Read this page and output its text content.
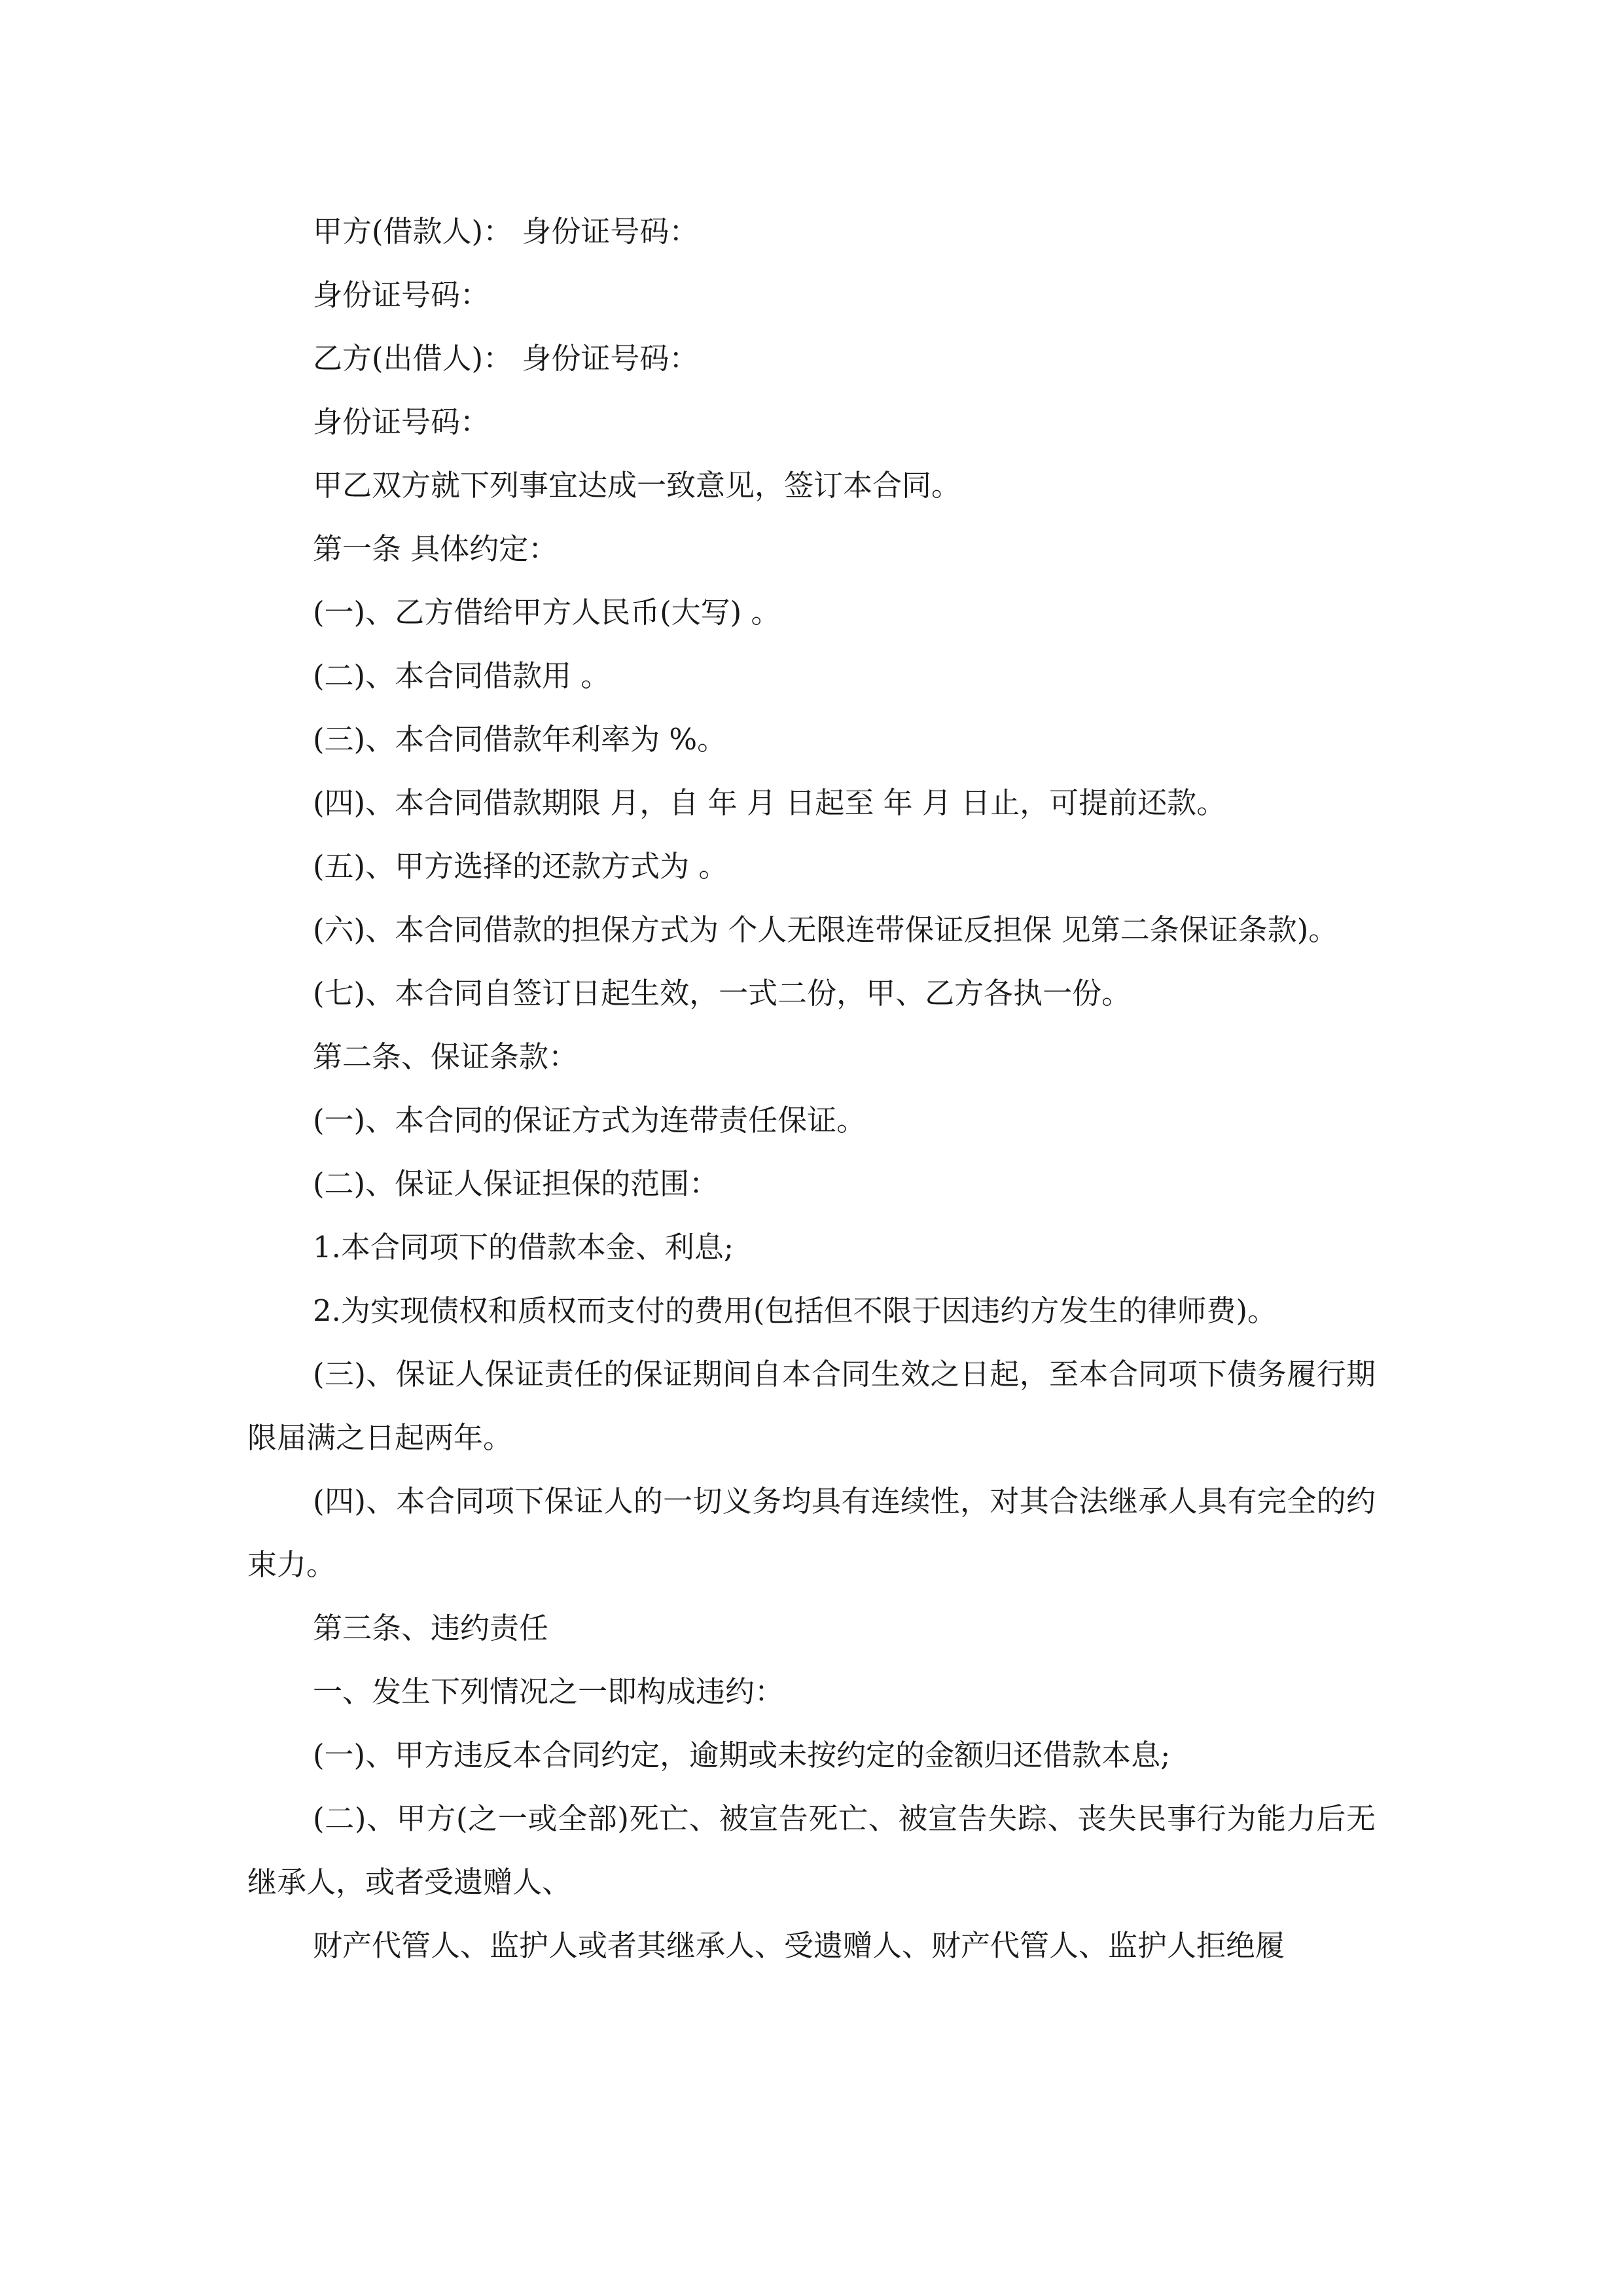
甲方(借款人)： 身份证号码：

身份证号码：

乙方(出借人)： 身份证号码：

身份证号码：

甲乙双方就下列事宜达成一致意见，签订本合同。

第一条 具体约定：

(一)、乙方借给甲方人民币(大写) 。

(二)、本合同借款用 。

(三)、本合同借款年利率为 %。

(四)、本合同借款期限 月，自 年 月 日起至 年 月 日止，可提前还款。

(五)、甲方选择的还款方式为 。

(六)、本合同借款的担保方式为 个人无限连带保证反担保 见第二条保证条款)。

(七)、本合同自签订日起生效，一式二份，甲、乙方各执一份。

第二条、保证条款：

(一)、本合同的保证方式为连带责任保证。

(二)、保证人保证担保的范围：

1.本合同项下的借款本金、利息;

2.为实现债权和质权而支付的费用(包括但不限于因违约方发生的律师费)。

(三)、保证人保证责任的保证期间自本合同生效之日起，至本合同项下债务履行期限届满之日起两年。

(四)、本合同项下保证人的一切义务均具有连续性，对其合法继承人具有完全的约束力。

第三条、违约责任

一、发生下列情况之一即构成违约：

(一)、甲方违反本合同约定，逾期或未按约定的金额归还借款本息;

(二)、甲方(之一或全部)死亡、被宣告死亡、被宣告失踪、丧失民事行为能力后无继承人，或者受遗赠人、

财产代管人、监护人或者其继承人、受遗赠人、财产代管人、监护人拒绝履
